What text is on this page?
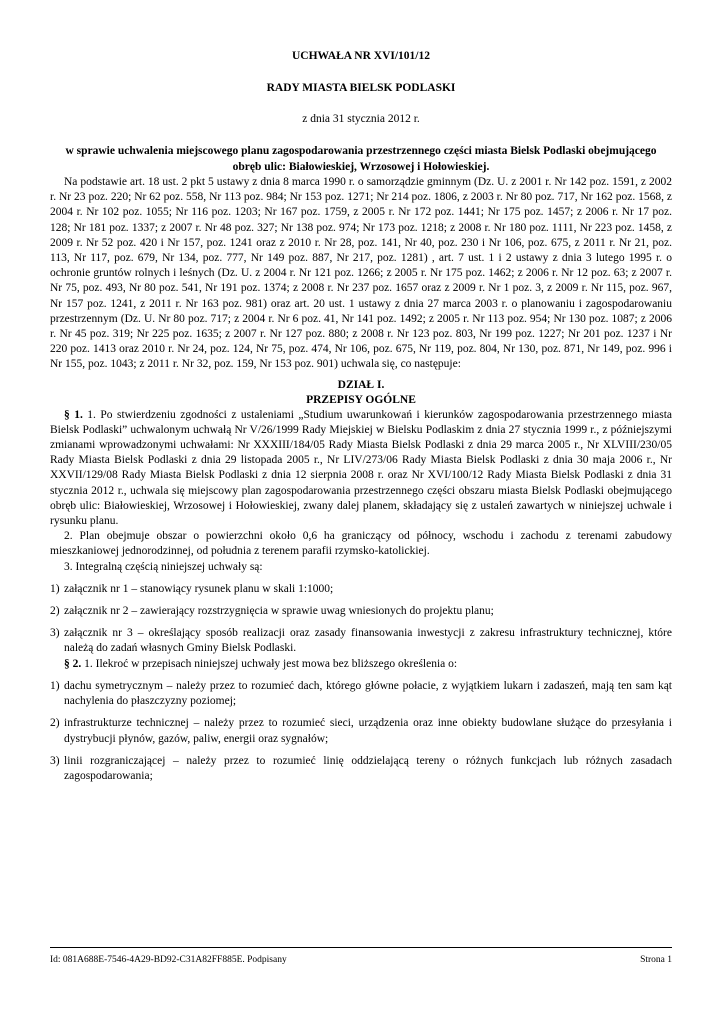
UCHWAŁA NR XVI/101/12
RADY MIASTA BIELSK PODLASKI
z dnia 31 stycznia 2012 r.
w sprawie uchwalenia miejscowego planu zagospodarowania przestrzennego części miasta Bielsk Podlaski obejmującego obręb ulic: Białowieskiej, Wrzosowej i Hołowieskiej.

Na podstawie art. 18 ust. 2 pkt 5 ustawy z dnia 8 marca 1990 r. o samorządzie gminnym (Dz. U. z 2001 r. Nr 142 poz. 1591, z 2002 r. Nr 23 poz. 220; Nr 62 poz. 558, Nr 113 poz. 984; Nr 153 poz. 1271; Nr 214 poz. 1806, z 2003 r. Nr 80 poz. 717, Nr 162 poz. 1568, z 2004 r. Nr 102 poz. 1055; Nr 116 poz. 1203; Nr 167 poz. 1759, z 2005 r. Nr 172 poz. 1441; Nr 175 poz. 1457; z 2006 r. Nr 17 poz. 128; Nr 181 poz. 1337; z 2007 r. Nr 48 poz. 327; Nr 138 poz. 974; Nr 173 poz. 1218; z 2008 r. Nr 180 poz. 1111, Nr 223 poz. 1458, z 2009 r. Nr 52 poz. 420 i Nr 157, poz. 1241 oraz z 2010 r. Nr 28, poz. 141, Nr 40, poz. 230 i Nr 106, poz. 675, z 2011 r. Nr 21, poz. 113, Nr 117, poz. 679, Nr 134, poz. 777, Nr 149 poz. 887, Nr 217, poz. 1281) , art. 7 ust. 1 i 2 ustawy z dnia 3 lutego 1995 r. o ochronie gruntów rolnych i leśnych (Dz. U. z 2004 r. Nr 121 poz. 1266; z 2005 r. Nr 175 poz. 1462; z 2006 r. Nr 12 poz. 63; z 2007 r. Nr 75, poz. 493, Nr 80 poz. 541, Nr 191 poz. 1374; z 2008 r. Nr 237 poz. 1657 oraz z 2009 r. Nr 1 poz. 3, z 2009 r. Nr 115, poz. 967, Nr 157 poz. 1241, z 2011 r. Nr 163 poz. 981) oraz art. 20 ust. 1 ustawy z dnia 27 marca 2003 r. o planowaniu i zagospodarowaniu przestrzennym (Dz. U. Nr 80 poz. 717; z 2004 r. Nr 6 poz. 41, Nr 141 poz. 1492; z 2005 r. Nr 113 poz. 954; Nr 130 poz. 1087; z 2006 r. Nr 45 poz. 319; Nr 225 poz. 1635; z 2007 r. Nr 127 poz. 880; z 2008 r. Nr 123 poz. 803, Nr 199 poz. 1227; Nr 201 poz. 1237 i Nr 220 poz. 1413 oraz 2010 r. Nr 24, poz. 124, Nr 75, poz. 474, Nr 106, poz. 675, Nr 119, poz. 804, Nr 130, poz. 871, Nr 149, poz. 996 i Nr 155, poz. 1043; z 2011 r. Nr 32, poz. 159, Nr 153 poz. 901) uchwala się, co następuje:

DZIAŁ I.
PRZEPISY OGÓLNE

§ 1. 1. Po stwierdzeniu zgodności z ustaleniami „Studium uwarunkowań i kierunków zagospodarowania przestrzennego miasta Bielsk Podlaski” uchwalonym uchwałą Nr V/26/1999 Rady Miejskiej w Bielsku Podlaskim z dnia 27 stycznia 1999 r., z późniejszymi zmianami wprowadzonymi uchwałami: Nr XXXIII/184/05 Rady Miasta Bielsk Podlaski z dnia 29 marca 2005 r., Nr XLVIII/230/05 Rady Miasta Bielsk Podlaski z dnia 29 listopada 2005 r., Nr LIV/273/06 Rady Miasta Bielsk Podlaski z dnia 30 maja 2006 r., Nr XXVII/129/08 Rady Miasta Bielsk Podlaski z dnia 12 sierpnia 2008 r. oraz Nr XVI/100/12 Rady Miasta Bielsk Podlaski z dnia 31 stycznia 2012 r., uchwala się miejscowy plan zagospodarowania przestrzennego części obszaru miasta Bielsk Podlaski obejmującego obręb ulic: Białowieskiej, Wrzosowej i Hołowieskiej, zwany dalej planem, składający się z ustaleń zawartych w niniejszej uchwale i rysunku planu.

2. Plan obejmuje obszar o powierzchni około 0,6 ha graniczący od północy, wschodu i zachodu z terenami zabudowy mieszkaniowej jednorodzinnej, od południa z terenem parafii rzymsko-katolickiej.

3. Integralną częścią niniejszej uchwały są:

1) załącznik nr 1 – stanowiący rysunek planu w skali 1:1000;
2) załącznik nr 2 – zawierający rozstrzygnięcia w sprawie uwag wniesionych do projektu planu;
3) załącznik nr 3 – określający sposób realizacji oraz zasady finansowania inwestycji z zakresu infrastruktury technicznej, które należą do zadań własnych Gminy Bielsk Podlaski.

§ 2. 1. Ilekroć w przepisach niniejszej uchwały jest mowa bez bliższego określenia o:

1) dachu symetrycznym – należy przez to rozumieć dach, którego główne połacie, z wyjątkiem lukarn i zadaszeń, mają ten sam kąt nachylenia do płaszczyzny poziomej;
2) infrastrukturze technicznej – należy przez to rozumieć sieci, urządzenia oraz inne obiekty budowlane służące do przesyłania i dystrybucji płynów, gazów, paliw, energii oraz sygnałów;
3) linii rozgraniczającej – należy przez to rozumieć linię oddzielającą tereny o różnych funkcjach lub różnych zasadach zagospodarowania;
Id: 081A688E-7546-4A29-BD92-C31A82FF885E. Podpisany	Strona 1
